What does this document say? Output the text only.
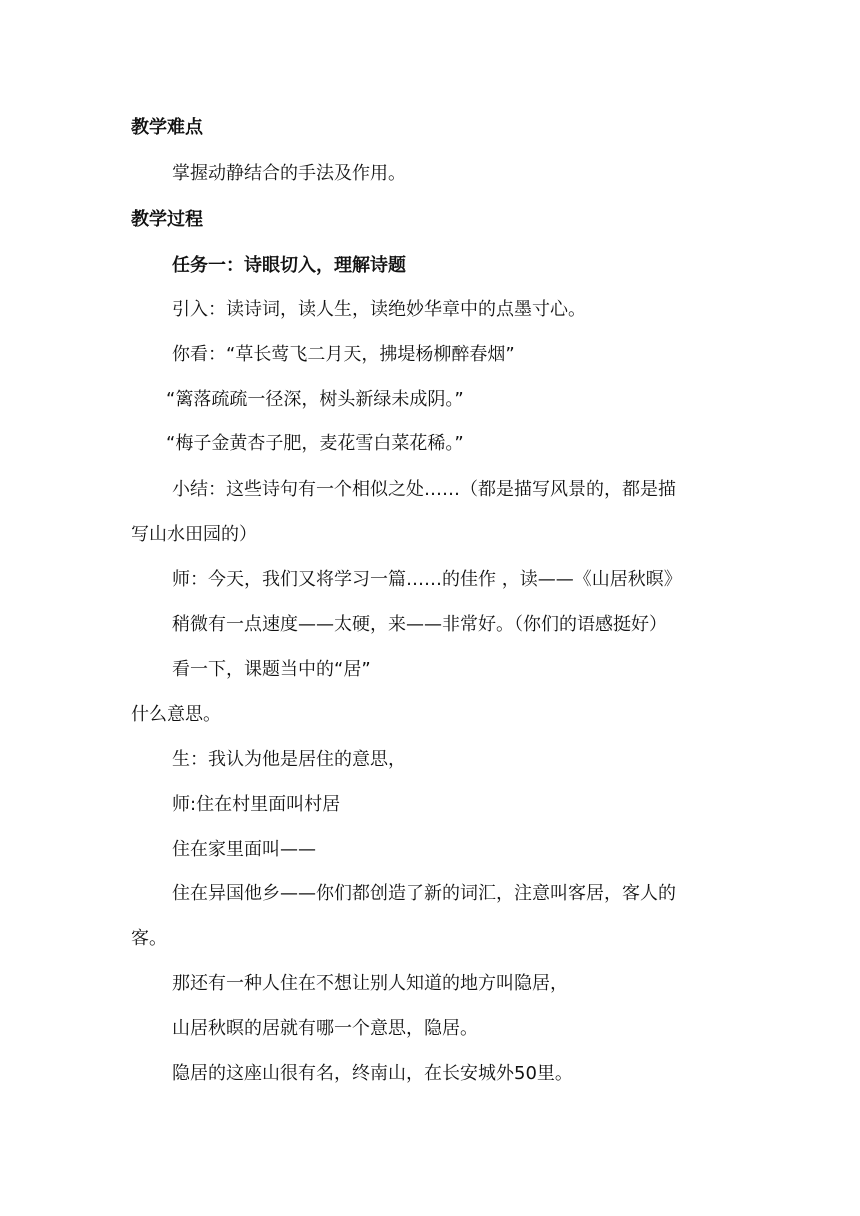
教学难点
掌握动静结合的手法及作用。
教学过程
任务一：诗眼切入，理解诗题
引入：读诗词，读人生，读绝妙华章中的点墨寸心。
你看：“草长莺飞二月天，拂堤杨柳醉春烟”
“篱落疏疏一径深，树头新绿未成阴。”
“梅子金黄杏子肥，麦花雪白菜花稀。”
小结：这些诗句有一个相似之处……（都是描写风景的，都是描
写山水田园的）
师：今天，我们又将学习一篇……的佳作 ，读——《山居秋暝》
稍微有一点速度——太硬，来——非常好。（你们的语感挺好）
看一下，课题当中的“居”
什么意思。
生：我认为他是居住的意思，
师:住在村里面叫村居
住在家里面叫——
住在异国他乡——你们都创造了新的词汇，注意叫客居，客人的
客。
那还有一种人住在不想让别人知道的地方叫隐居，
山居秋暝的居就有哪一个意思，隐居。
隐居的这座山很有名，终南山，在长安城外50里。
